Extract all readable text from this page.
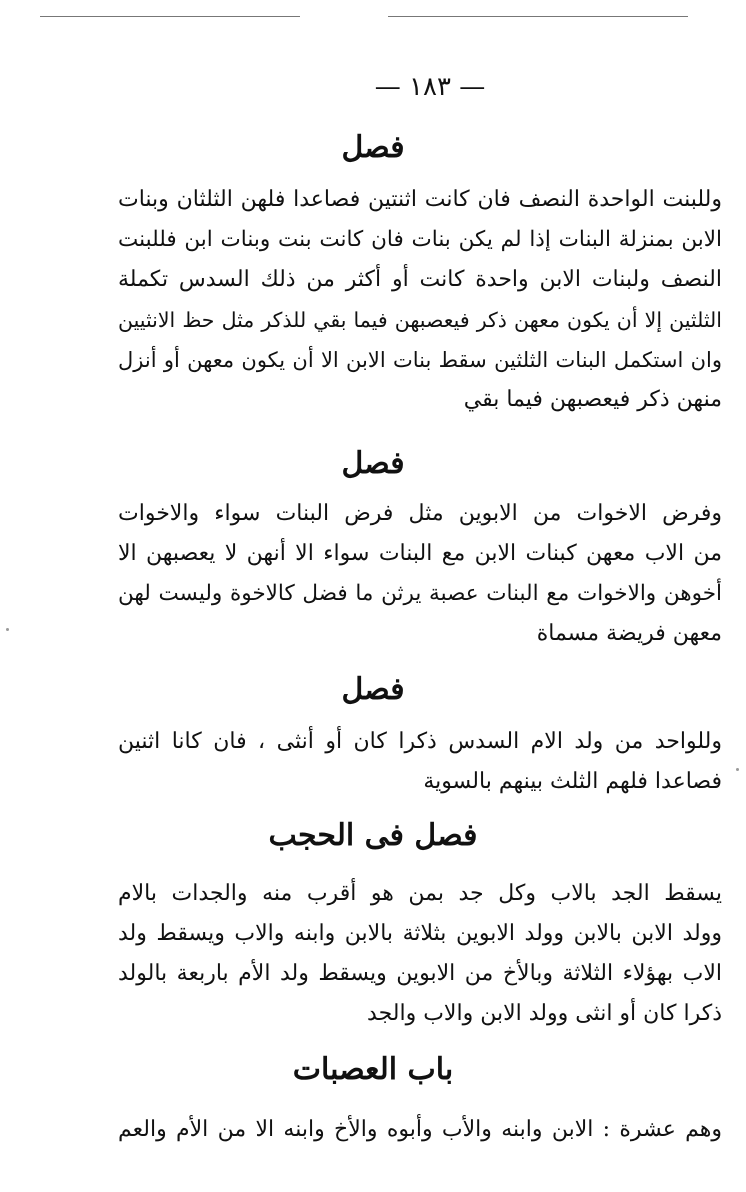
— ١٨٣ —
فصل
وللبنت الواحدة النصف فان كانت اثنتين فصاعدا فلهن الثلثان وبنات
الابن بمنزلة البنات إذا لم يكن بنات فان كانت بنت وبنات ابن فللبنت
النصف ولبنات الابن واحدة كانت أو أكثر من ذلك السدس تكملة
الثلثين إلا أن يكون معهن ذكر فيعصبهن فيما بقي للذكر مثل حظ الانثيين
وان استكمل البنات الثلثين سقط بنات الابن الا أن يكون معهن أو أنزل
منهن ذكر فيعصبهن فيما بقي
فصل
وفرض الاخوات من الابوين مثل فرض البنات سواء والاخوات
من الاب معهن كبنات الابن مع البنات سواء الا أنهن لا يعصبهن الا
أخوهن والاخوات مع البنات عصبة يرثن ما فضل كالاخوة وليست لهن
معهن فريضة مسماة
فصل
وللواحد من ولد الام السدس ذكرا كان أو أنثى ، فان كانا اثنين
فصاعدا فلهم الثلث بينهم بالسوية
فصل فى الحجب
يسقط الجد بالاب وكل جد بمن هو أقرب منه والجدات بالام
وولد الابن بالابن وولد الابوين بثلاثة بالابن وابنه والاب ويسقط ولد
الاب بهؤلاء الثلاثة وبالأخ من الابوين ويسقط ولد الأم باربعة بالولد
ذكرا كان أو انثى وولد الابن والاب والجد
باب العصبات
وهم عشرة : الابن وابنه والأب وأبوه والأخ وابنه الا من الأم والعم
